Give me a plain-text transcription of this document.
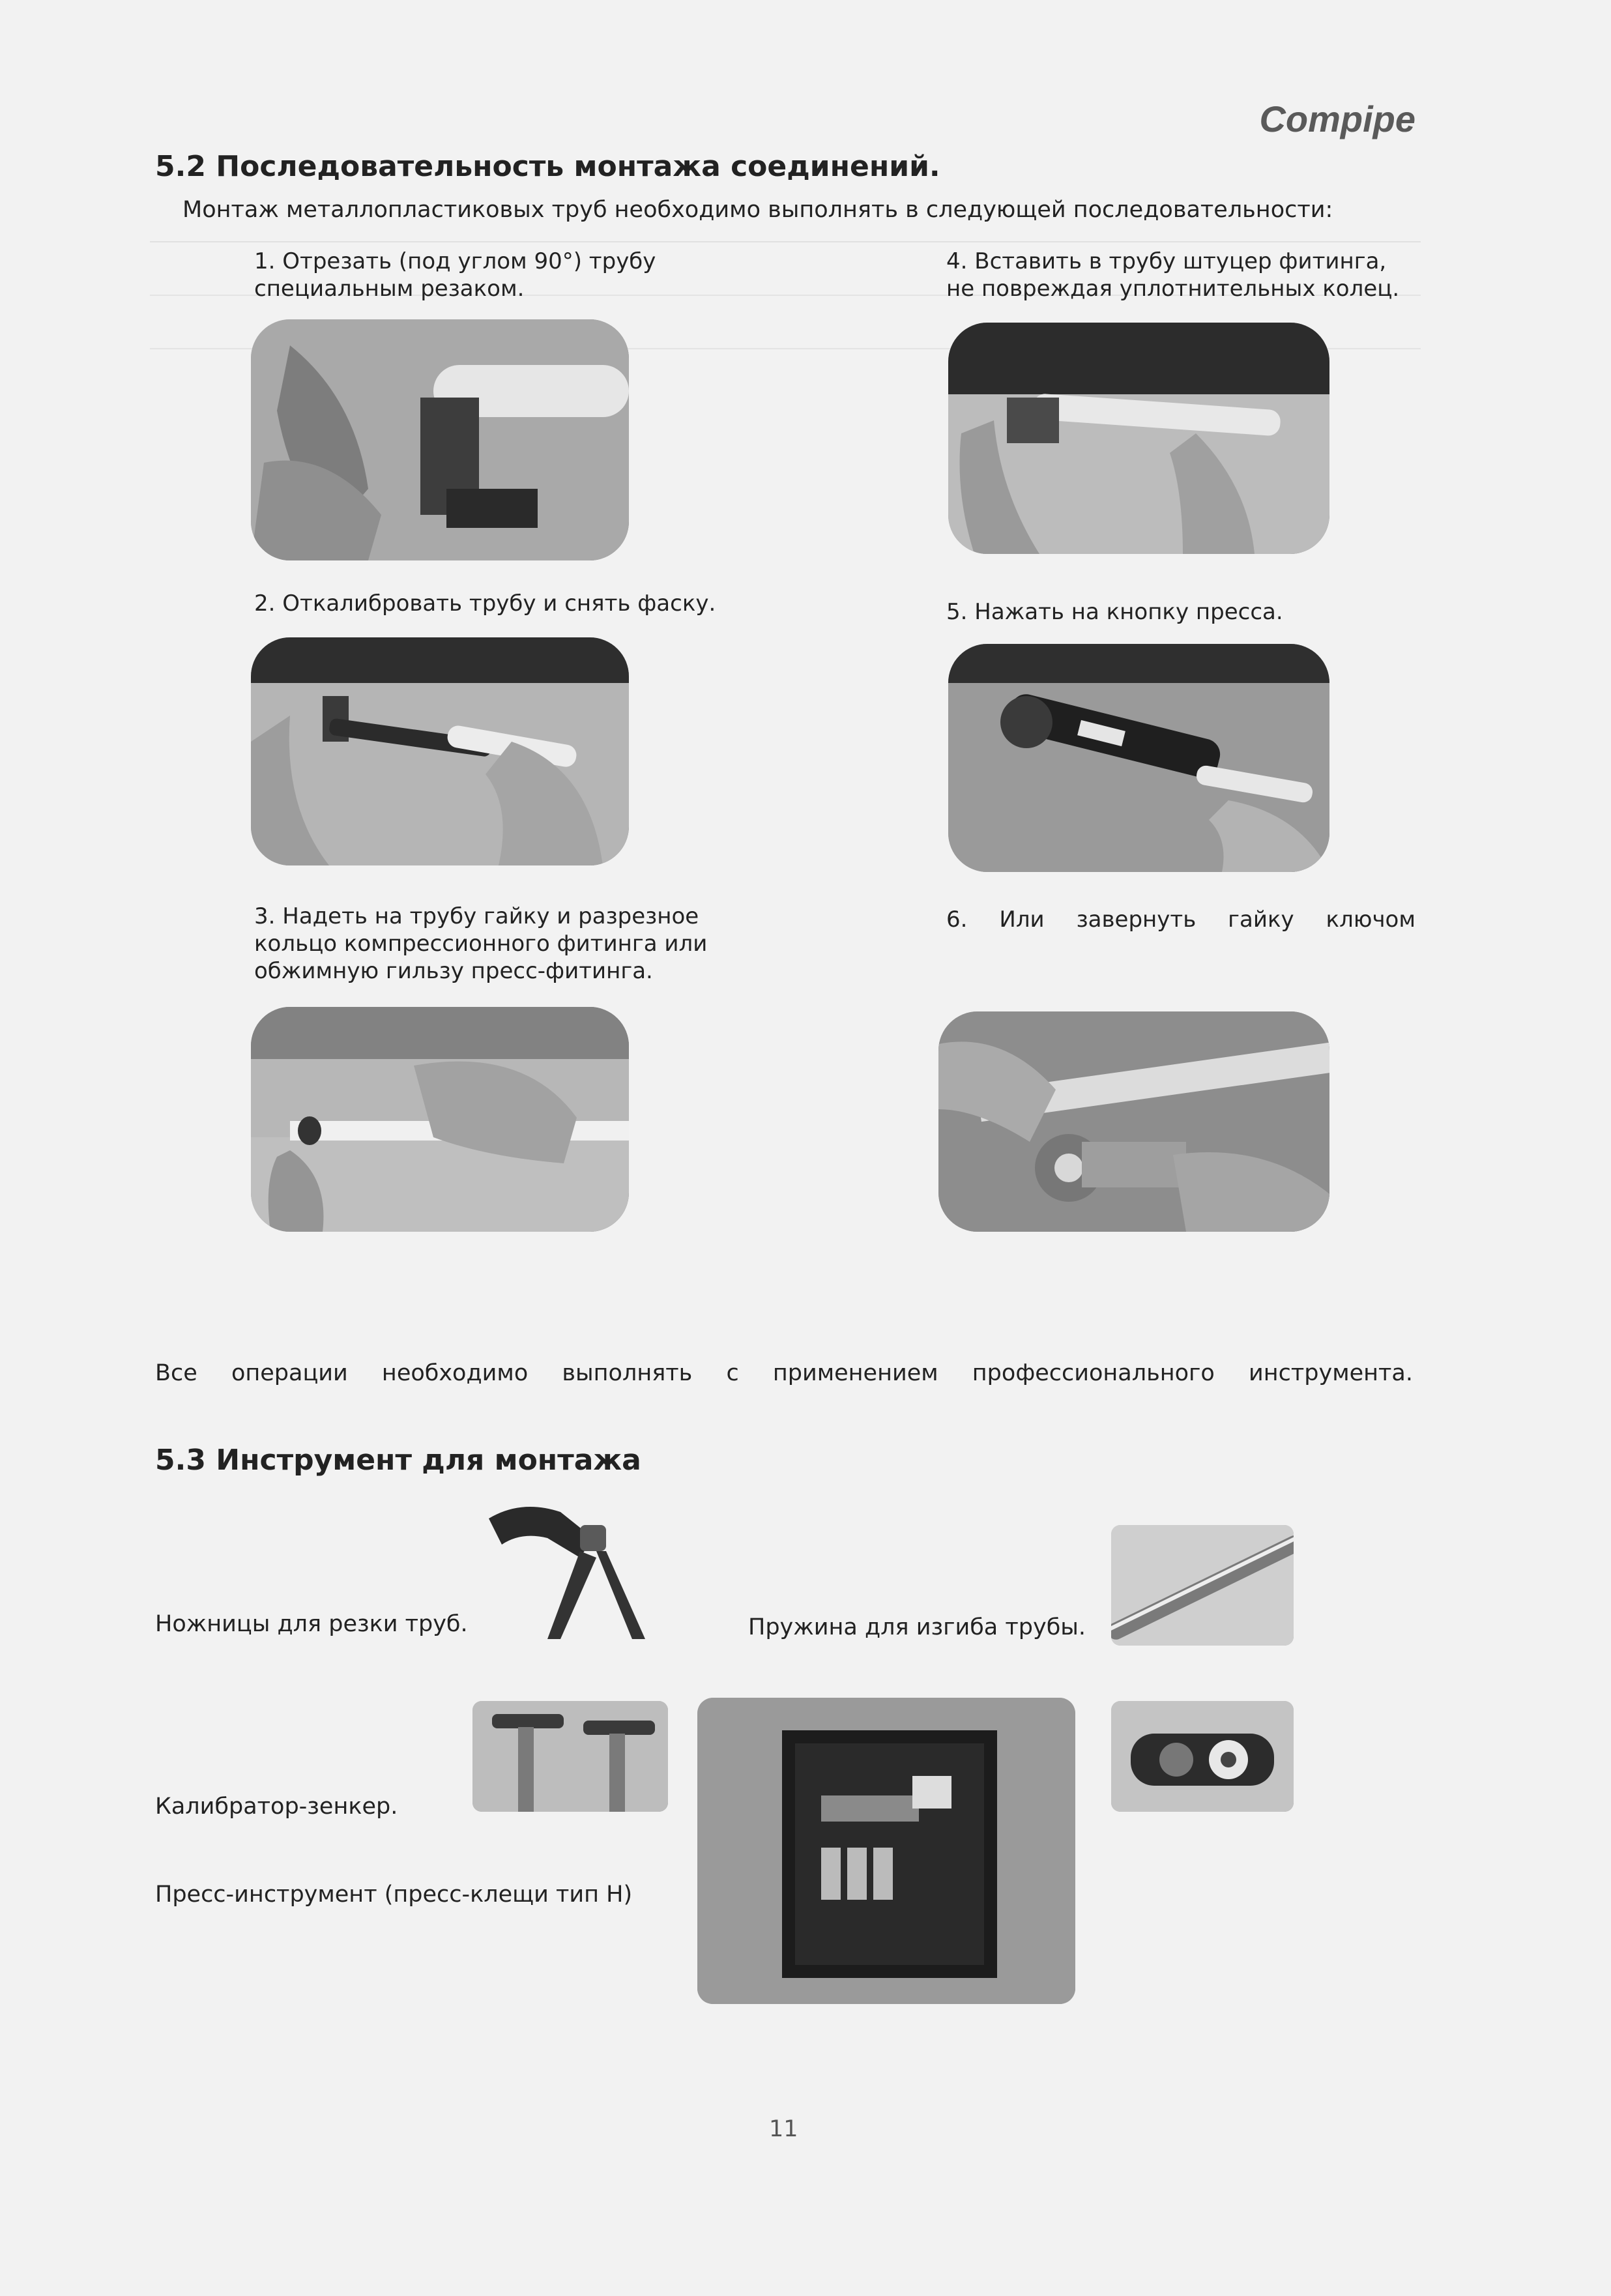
Compipe
5.2 Последовательность монтажа соединений.
Монтаж металлопластиковых труб необходимо выполнять в следующей последовательности:
1. Отрезать (под углом 90°) трубу
специальным резаком.
4. Вставить в трубу штуцер фитинга,
не повреждая уплотнительных колец.
2. Откалибровать трубу и снять фаску.	5. Нажать на кнопку пресса.
3. Надеть на трубу гайку и разрезное
кольцо компрессионного фитинга или
обжимную гильзу пресс-фитинга.
6. Или завернуть гайку ключом
Все операции необходимо выполнять с применением профессионального инструмента.
5.3 Инструмент для монтажа
Ножницы для резки труб.	Пружина для изгиба трубы.
Калибратор-зенкер.
Пресс-инструмент (пресс-клещи тип H)
11
